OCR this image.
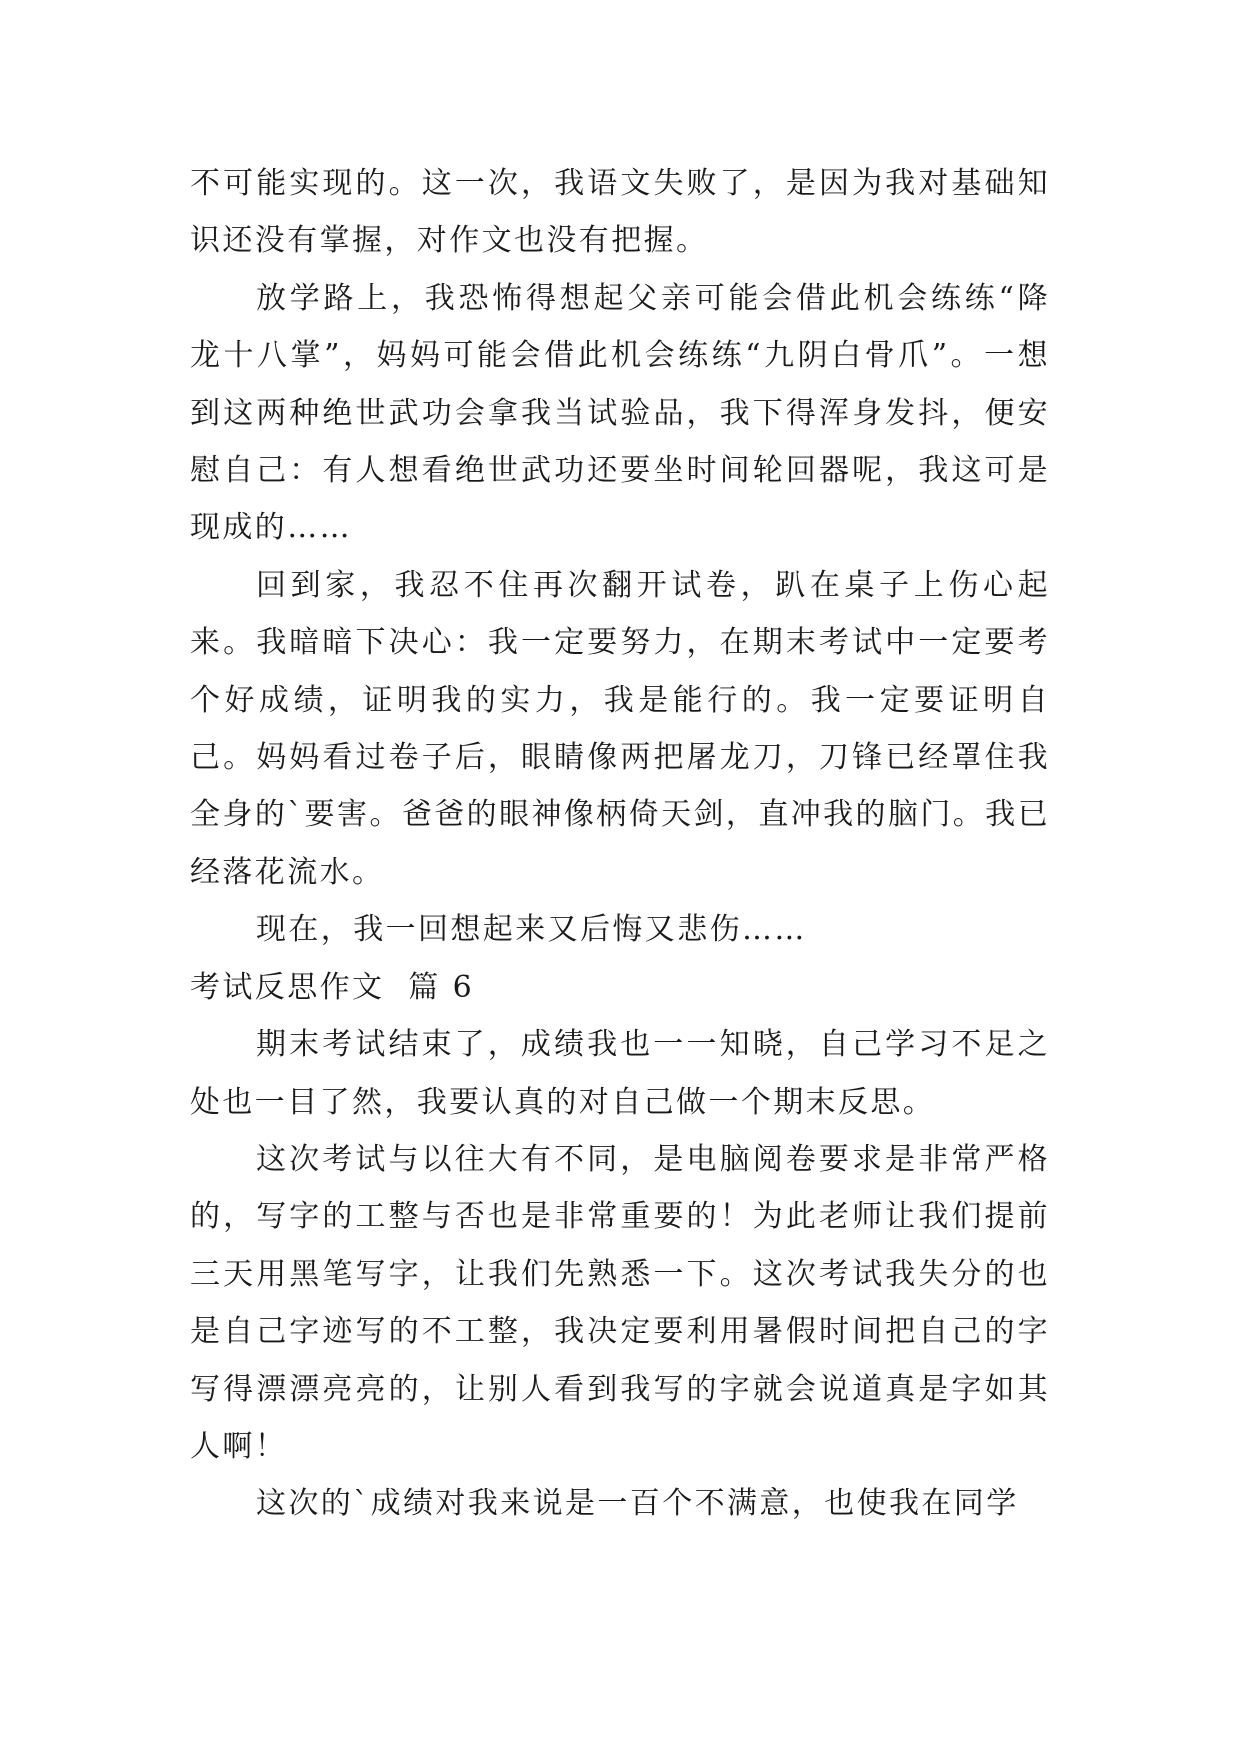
不可能实现的。这一次，我语文失败了，是因为我对基础知识还没有掌握，对作文也没有把握。

放学路上，我恐怖得想起父亲可能会借此机会练练“降龙十八掌”，妈妈可能会借此机会练练“九阴白骨爪”。一想到这两种绝世武功会拿我当试验品，我下得浑身发抖，便安慰自己：有人想看绝世武功还要坐时间轮回器呢，我这可是现成的……

回到家，我忍不住再次翻开试卷，趴在桌子上伤心起来。我暗暗下决心：我一定要努力，在期末考试中一定要考个好成绩，证明我的实力，我是能行的。我一定要证明自己。妈妈看过卷子后，眼睛像两把屠龙刀，刀锋已经罩住我全身的`要害。爸爸的眼神像柄倚天剑，直冲我的脑门。我已经落花流水。

现在，我一回想起来又后悔又悲伤……

考试反思作文  篇 6

期末考试结束了，成绩我也一一知晓，自己学习不足之处也一目了然，我要认真的对自己做一个期末反思。

这次考试与以往大有不同，是电脑阅卷要求是非常严格的，写字的工整与否也是非常重要的！为此老师让我们提前三天用黑笔写字，让我们先熟悉一下。这次考试我失分的也是自己字迹写的不工整，我决定要利用暑假时间把自己的字写得漂漂亮亮的，让别人看到我写的字就会说道真是字如其人啊！

这次的`成绩对我来说是一百个不满意，也使我在同学
